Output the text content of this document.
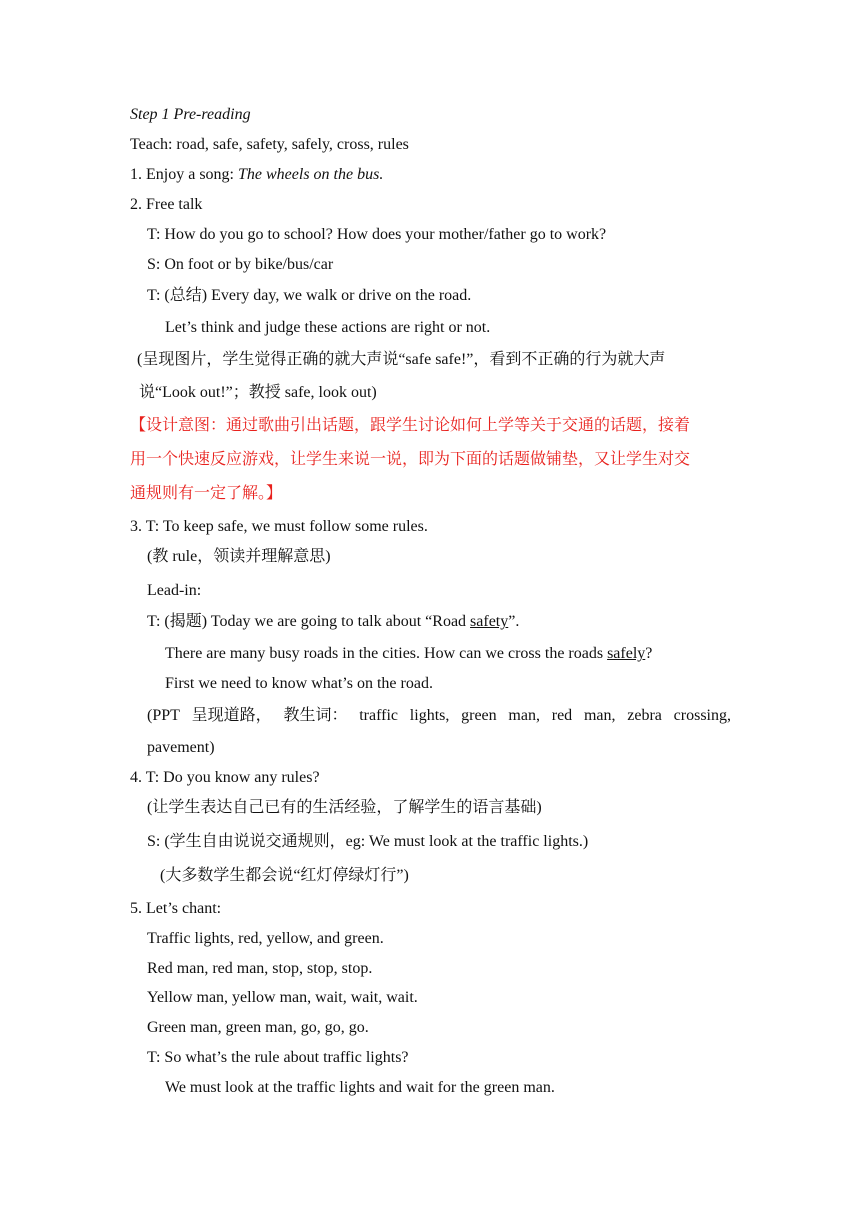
Step 1 Pre-reading
Teach: road, safe, safety, safely, cross, rules
1. Enjoy a song: The wheels on the bus.
2. Free talk
T: How do you go to school? How does your mother/father go to work?
S: On foot or by bike/bus/car
T: (总结) Every day, we walk or drive on the road.
Let’s think and judge these actions are right or not.
(呈现图片，学生觉得正确的就大声说“safe safe!”，看到不正确的行为就大声
说“Look out!”；教授 safe, look out)
【设计意图：通过歌曲引出话题，跟学生讨论如何上学等关于交通的话题，接着
用一个快速反应游戏，让学生来说一说，即为下面的话题做铺垫，又让学生对交
通规则有一定了解。】
3. T: To keep safe, we must follow some rules.
(教 rule，领读并理解意思)
Lead-in:
T: (揭题) Today we are going to talk about “Road safety”.
There are many busy roads in the cities. How can we cross the roads safely?
First we need to know what’s on the road.
(PPT 呈现道路， 教生词： traffic lights, green man, red man, zebra crossing,
pavement)
4. T: Do you know any rules?
(让学生表达自己已有的生活经验，了解学生的语言基础)
S: (学生自由说说交通规则，eg: We must look at the traffic lights.)
(大多数学生都会说“红灯停绿灯行”)
5. Let’s chant:
Traffic lights, red, yellow, and green.
Red man, red man, stop, stop, stop.
Yellow man, yellow man, wait, wait, wait.
Green man, green man, go, go, go.
T: So what’s the rule about traffic lights?
We must look at the traffic lights and wait for the green man.
